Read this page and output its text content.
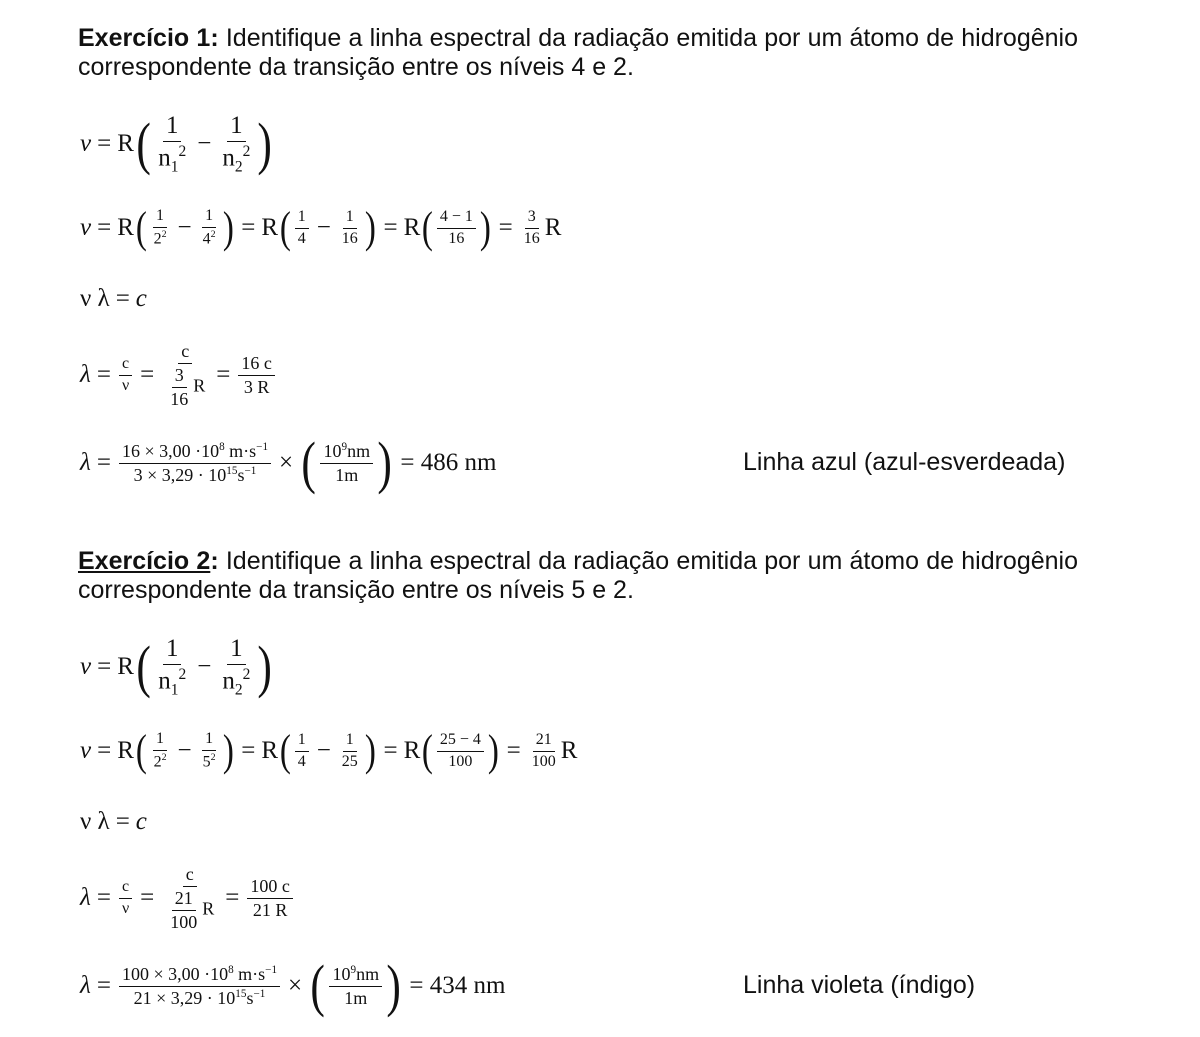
Exercício 1: Identifique a linha espectral da radiação emitida por um átomo de hidrogênio correspondente da transição entre os níveis 4 e 2.
ν = R ( $\frac{1}{n_1^2} - \frac{1}{n_2^2}$ )
ν = R ( $\frac{1}{2^2} - \frac{1}{4^2}$ ) = R ( $\frac{1}{4} - \frac{1}{16}$ ) = R ( $\frac{4 - 1}{16}$ ) = $\frac{3}{16}$ R
ν λ = c
$\lambda = \frac{c}{\nu} = \frac{c}{\frac{3}{16} R} = \frac{16 c}{3 R}$
$\lambda = \frac{16 \times 3,00 \cdot 10^8 m\cdot s^{-1}}{3 \times 3,29 \cdot 10^{15}s^{-1}}$ × ( $\frac{10^9nm}{1m}$ ) = 486 nm	Linha azul (azul-esverdeada)
Exercício 2: Identifique a linha espectral da radiação emitida por um átomo de hidrogênio correspondente da transição entre os níveis 5 e 2.
ν = R ( $\frac{1}{n_1^2} - \frac{1}{n_2^2}$ )
ν = R ( $\frac{1}{2^2} - \frac{1}{5^2}$ ) = R ( $\frac{1}{4} - \frac{1}{25}$ ) = R ( $\frac{25 - 4}{100}$ ) = $\frac{21}{100}$ R
ν λ = c
$\lambda = \frac{c}{\nu} = \frac{c}{\frac{21}{100} R} = \frac{100 c}{21 R}$
$\lambda = \frac{100 \times 3,00 \cdot 10^8 m\cdot s^{-1}}{21 \times 3,29 \cdot 10^{15}s^{-1}}$ × ( $\frac{10^9nm}{1m}$ ) = 434 nm	Linha violeta (índigo)
